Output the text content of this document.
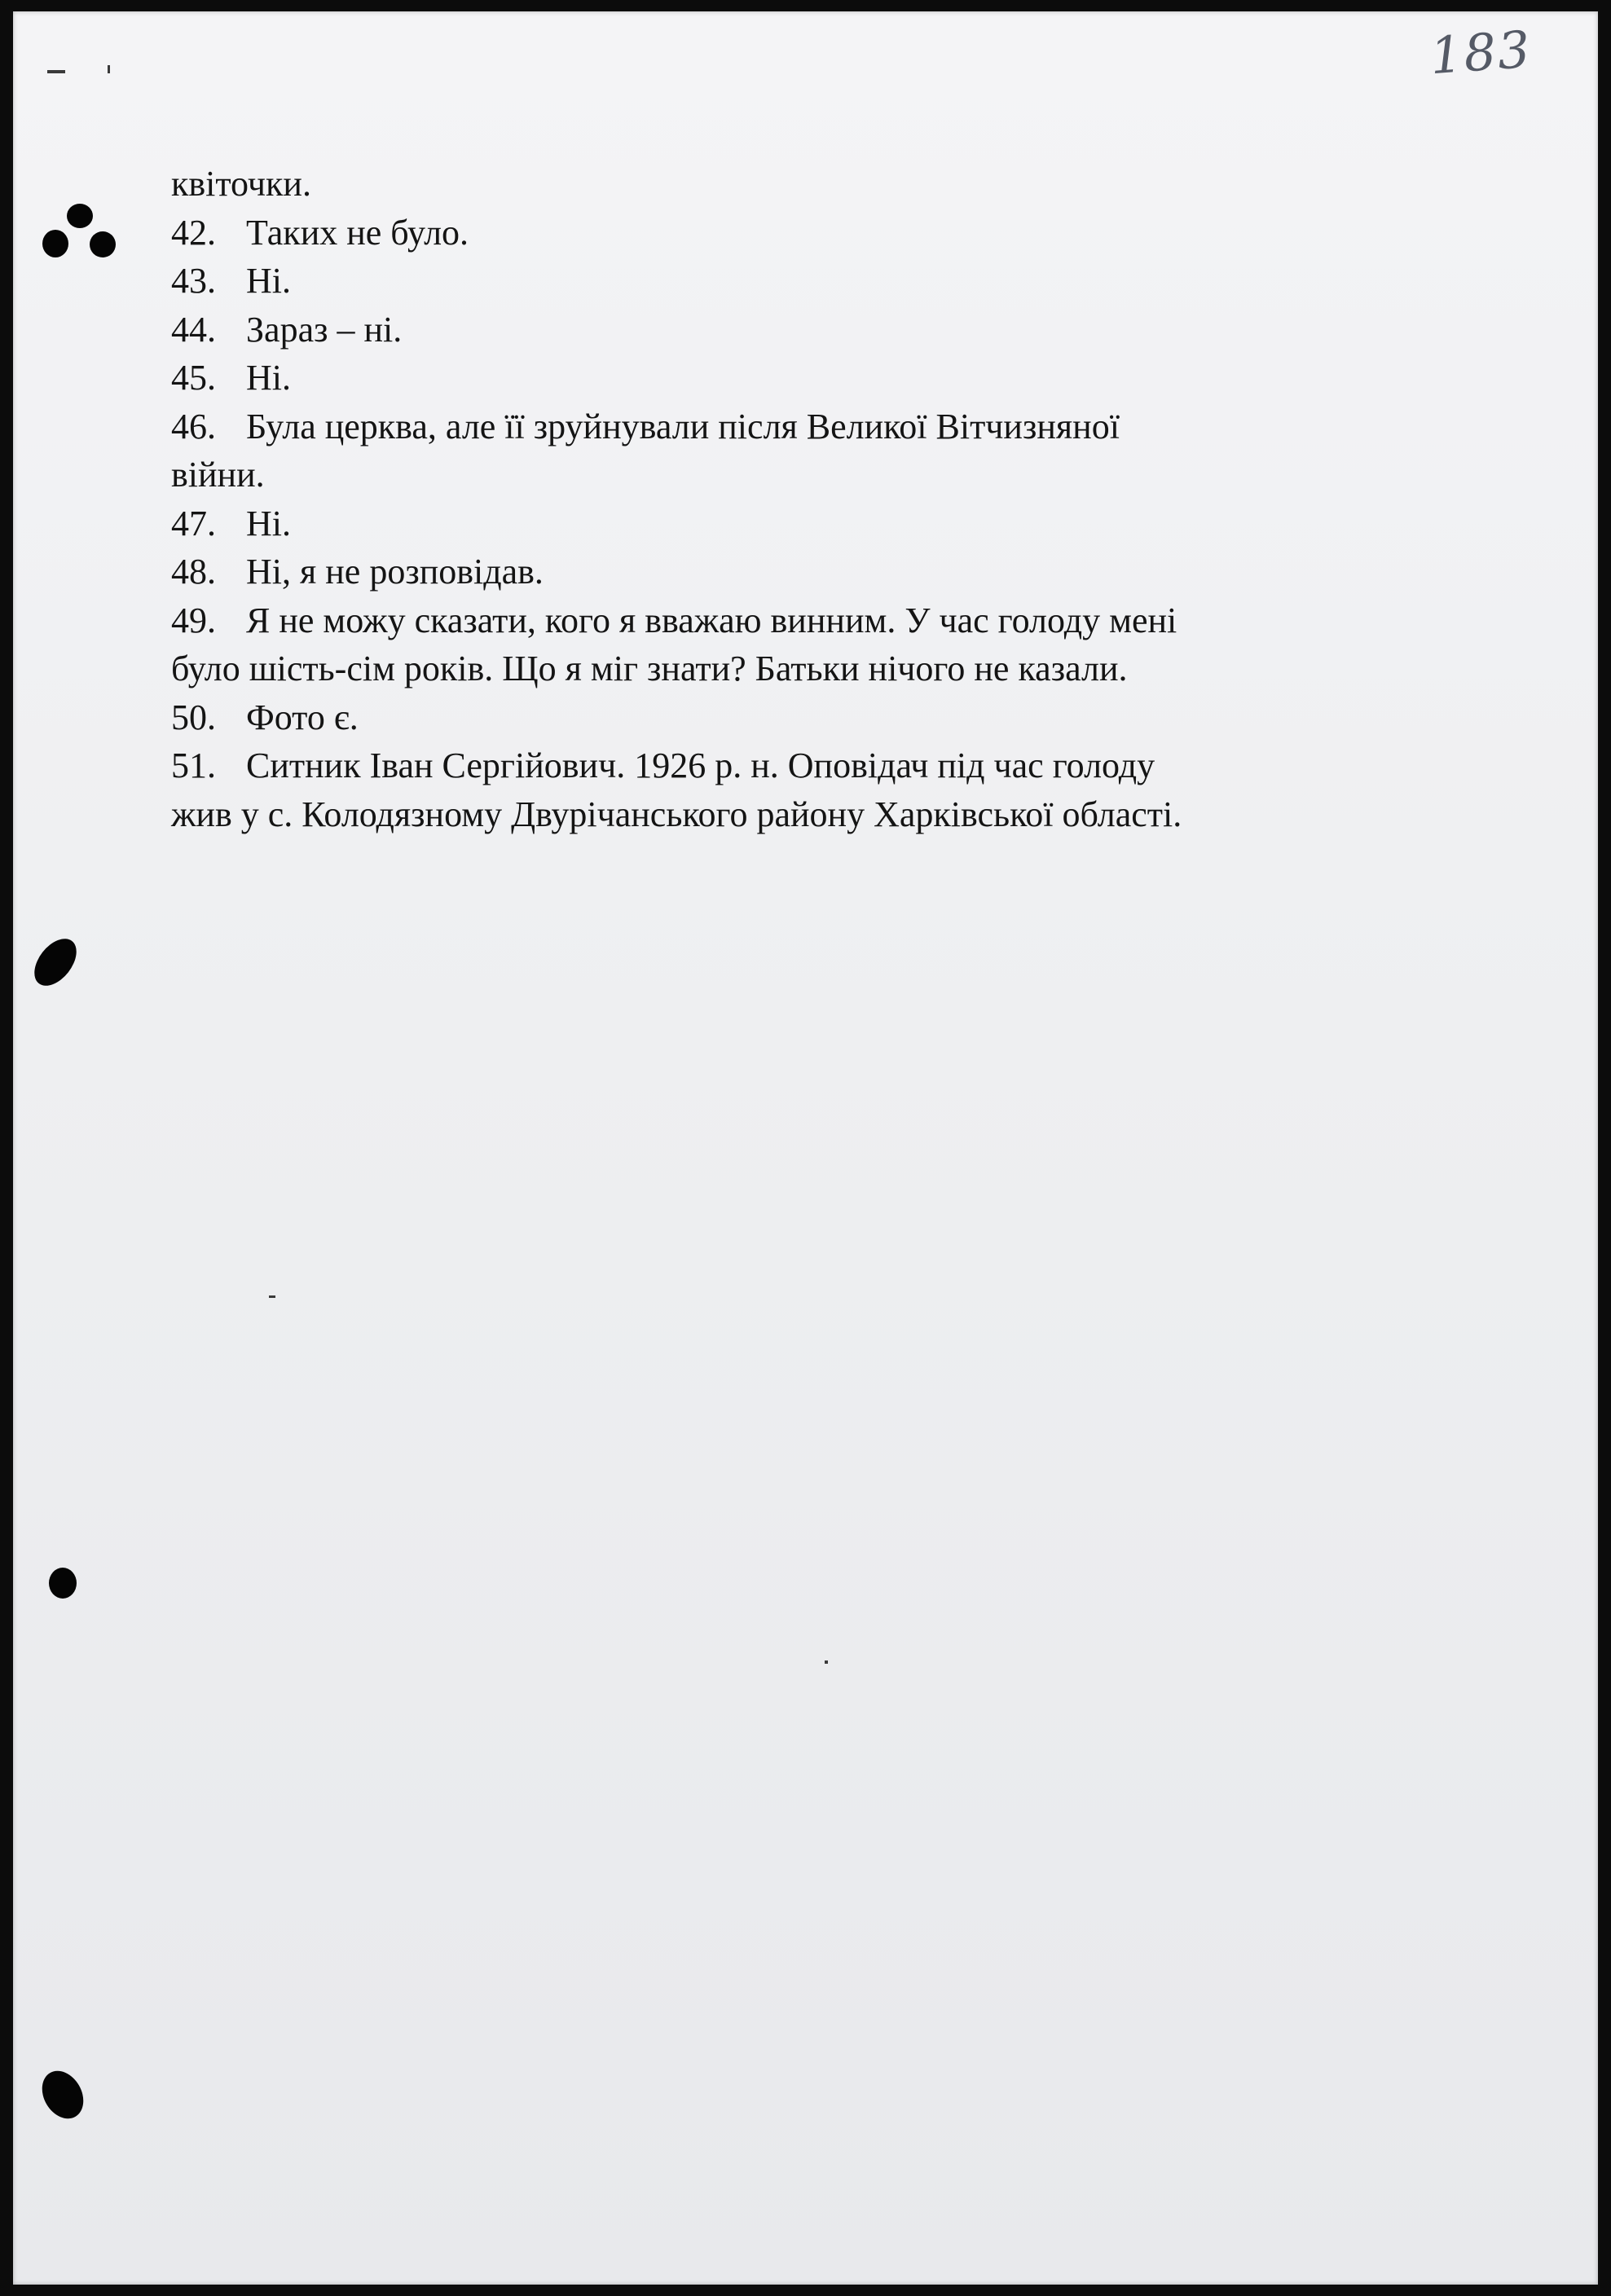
183
квіточки.
42. Таких не було.
43. Ні.
44. Зараз – ні.
45. Ні.
46. Була церква, але її зруйнували після Великої Вітчизняної
війни.
47. Ні.
48. Ні, я не розповідав.
49. Я не можу сказати, кого я вважаю винним. У час голоду мені
було шість-сім років. Що я міг знати? Батьки нічого не казали.
50. Фото є.
51. Ситник Іван Сергійович. 1926 р. н. Оповідач під час голоду
жив у с. Колодязному Двурічанського району Харківської області.
